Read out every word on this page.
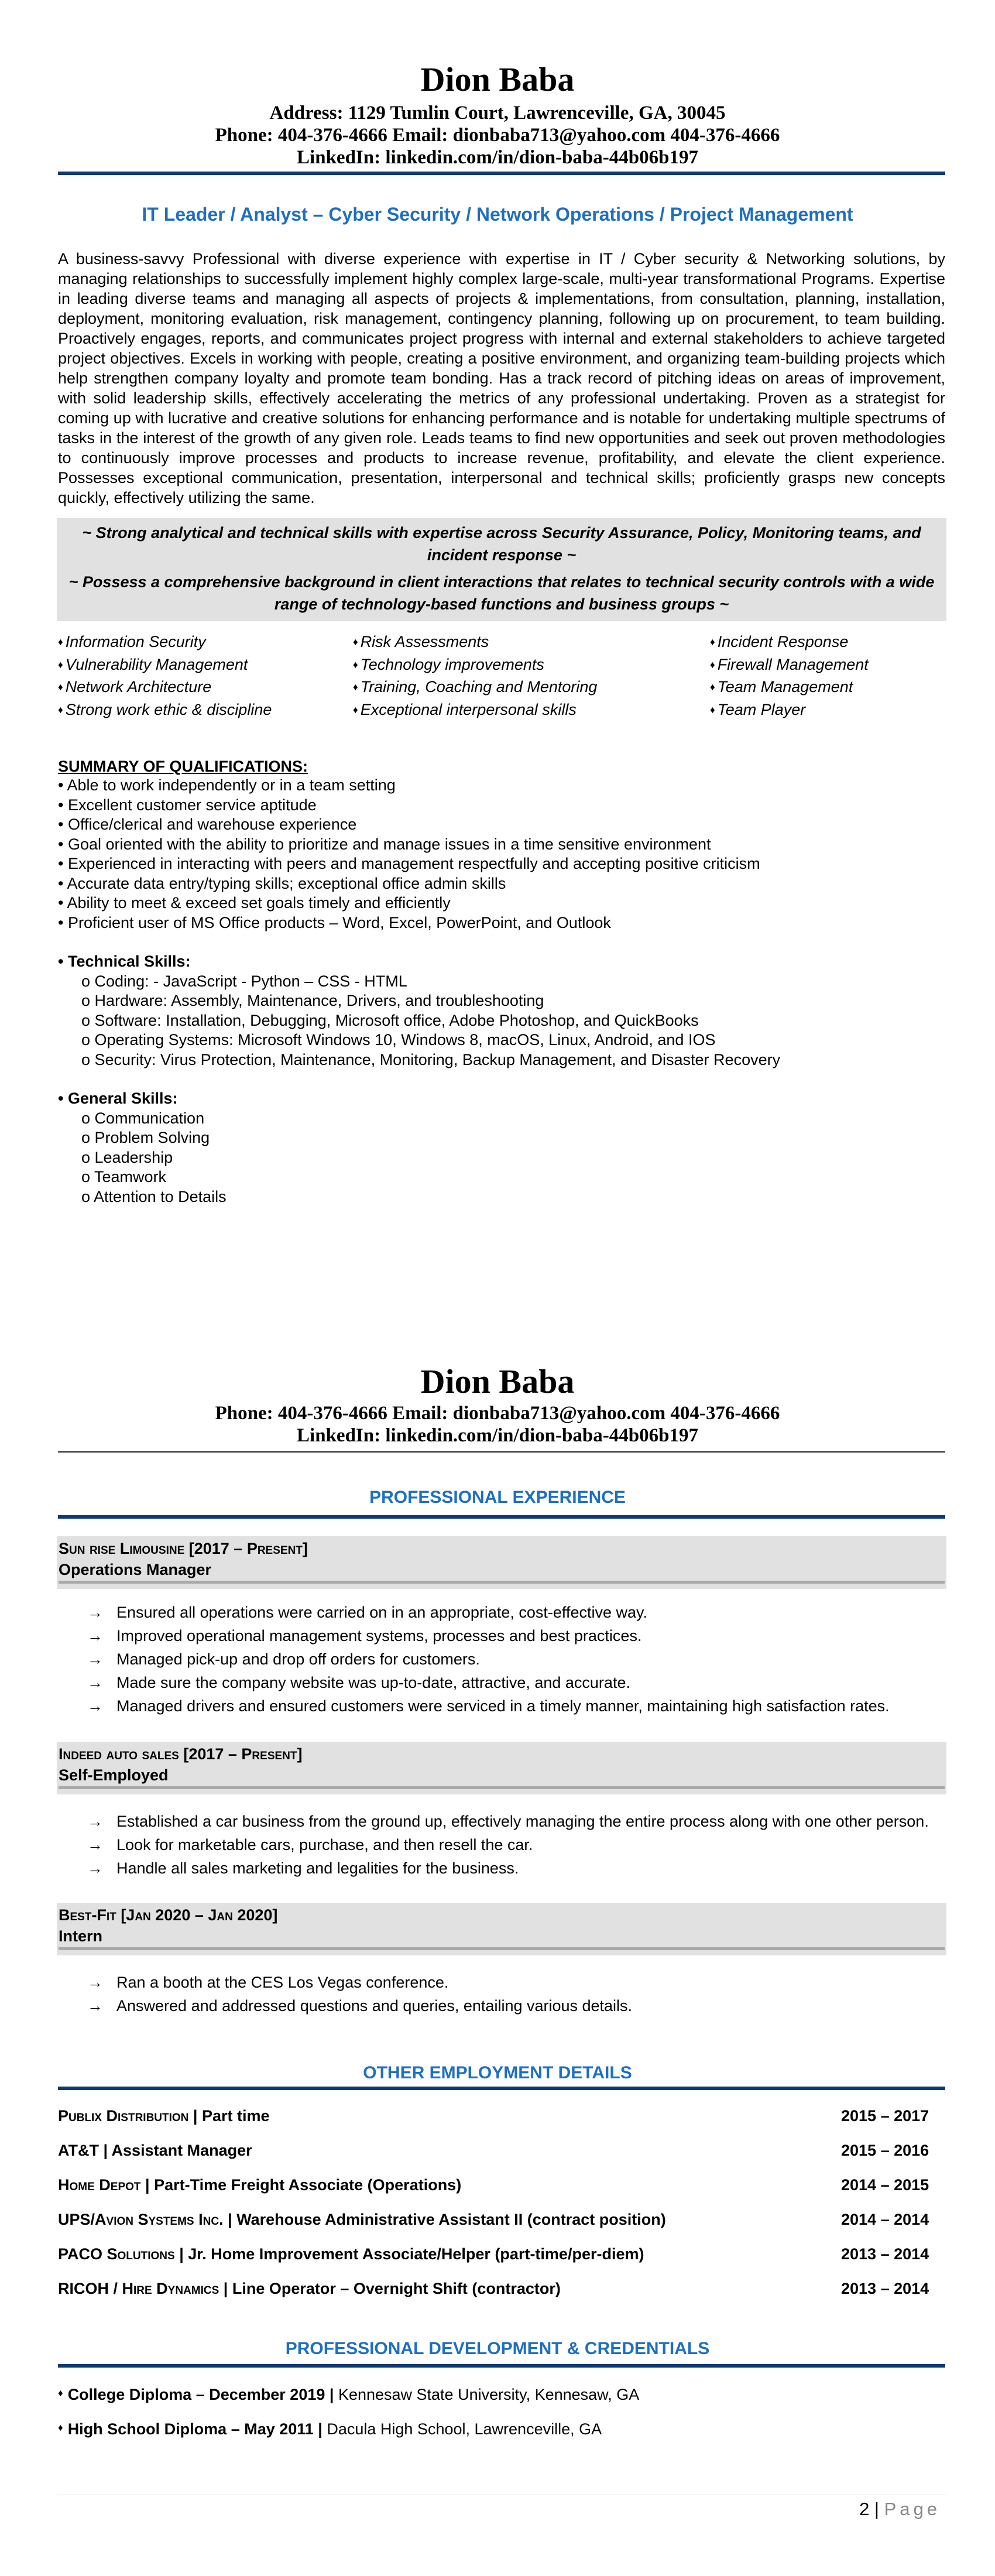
Dion Baba
Address: 1129 Tumlin Court, Lawrenceville, GA, 30045
Phone: 404-376-4666 Email: dionbaba713@yahoo.com 404-376-4666
LinkedIn: linkedin.com/in/dion-baba-44b06b197
IT Leader / Analyst – Cyber Security / Network Operations / Project Management
A business-savvy Professional with diverse experience with expertise in IT / Cyber security & Networking solutions, by managing relationships to successfully implement highly complex large-scale, multi-year transformational Programs. Expertise in leading diverse teams and managing all aspects of projects & implementations, from consultation, planning, installation, deployment, monitoring evaluation, risk management, contingency planning, following up on procurement, to team building. Proactively engages, reports, and communicates project progress with internal and external stakeholders to achieve targeted project objectives. Excels in working with people, creating a positive environment, and organizing team-building projects which help strengthen company loyalty and promote team bonding. Has a track record of pitching ideas on areas of improvement, with solid leadership skills, effectively accelerating the metrics of any professional undertaking. Proven as a strategist for coming up with lucrative and creative solutions for enhancing performance and is notable for undertaking multiple spectrums of tasks in the interest of the growth of any given role. Leads teams to find new opportunities and seek out proven methodologies to continuously improve processes and products to increase revenue, profitability, and elevate the client experience. Possesses exceptional communication, presentation, interpersonal and technical skills; proficiently grasps new concepts quickly, effectively utilizing the same.
~ Strong analytical and technical skills with expertise across Security Assurance, Policy, Monitoring teams, and incident response ~
~ Possess a comprehensive background in client interactions that relates to technical security controls with a wide range of technology-based functions and business groups ~
♦ Information Security
♦ Vulnerability Management
♦ Network Architecture
♦ Strong work ethic & discipline
♦ Risk Assessments
♦ Technology improvements
♦ Training, Coaching and Mentoring
♦ Exceptional interpersonal skills
♦ Incident Response
♦ Firewall Management
♦ Team Management
♦ Team Player
SUMMARY OF QUALIFICATIONS:
• Able to work independently or in a team setting
• Excellent customer service aptitude
• Office/clerical and warehouse experience
• Goal oriented with the ability to prioritize and manage issues in a time sensitive environment
• Experienced in interacting with peers and management respectfully and accepting positive criticism
• Accurate data entry/typing skills; exceptional office admin skills
• Ability to meet & exceed set goals timely and efficiently
• Proficient user of MS Office products – Word, Excel, PowerPoint, and Outlook
• Technical Skills:
o Coding: - JavaScript - Python – CSS - HTML
o Hardware: Assembly, Maintenance, Drivers, and troubleshooting
o Software: Installation, Debugging, Microsoft office, Adobe Photoshop, and QuickBooks
o Operating Systems: Microsoft Windows 10, Windows 8, macOS, Linux, Android, and IOS
o Security: Virus Protection, Maintenance, Monitoring, Backup Management, and Disaster Recovery
• General Skills:
o Communication
o Problem Solving
o Leadership
o Teamwork
o Attention to Details
Dion Baba
Phone: 404-376-4666 Email: dionbaba713@yahoo.com 404-376-4666
LinkedIn: linkedin.com/in/dion-baba-44b06b197
PROFESSIONAL EXPERIENCE
Sun rise Limousine [2017 – Present]
Operations Manager
→ Ensured all operations were carried on in an appropriate, cost-effective way.
→ Improved operational management systems, processes and best practices.
→ Managed pick-up and drop off orders for customers.
→ Made sure the company website was up-to-date, attractive, and accurate.
→ Managed drivers and ensured customers were serviced in a timely manner, maintaining high satisfaction rates.
Indeed auto sales [2017 – Present]
Self-Employed
→ Established a car business from the ground up, effectively managing the entire process along with one other person.
→ Look for marketable cars, purchase, and then resell the car.
→ Handle all sales marketing and legalities for the business.
Best-Fit [Jan 2020 – Jan 2020]
Intern
→ Ran a booth at the CES Los Vegas conference.
→ Answered and addressed questions and queries, entailing various details.
OTHER EMPLOYMENT DETAILS
Publix Distribution | Part time	2015 – 2017
AT&T | Assistant Manager	2015 – 2016
Home Depot | Part-Time Freight Associate (Operations)	2014 – 2015
UPS/Avion Systems Inc. | Warehouse Administrative Assistant II (contract position)	2014 – 2014
PACO Solutions | Jr. Home Improvement Associate/Helper (part-time/per-diem)	2013 – 2014
RICOH / Hire Dynamics | Line Operator – Overnight Shift (contractor)	2013 – 2014
PROFESSIONAL DEVELOPMENT & CREDENTIALS
♦ College Diploma – December 2019 | Kennesaw State University, Kennesaw, GA
♦ High School Diploma – May 2011 | Dacula High School, Lawrenceville, GA
2 | Page
